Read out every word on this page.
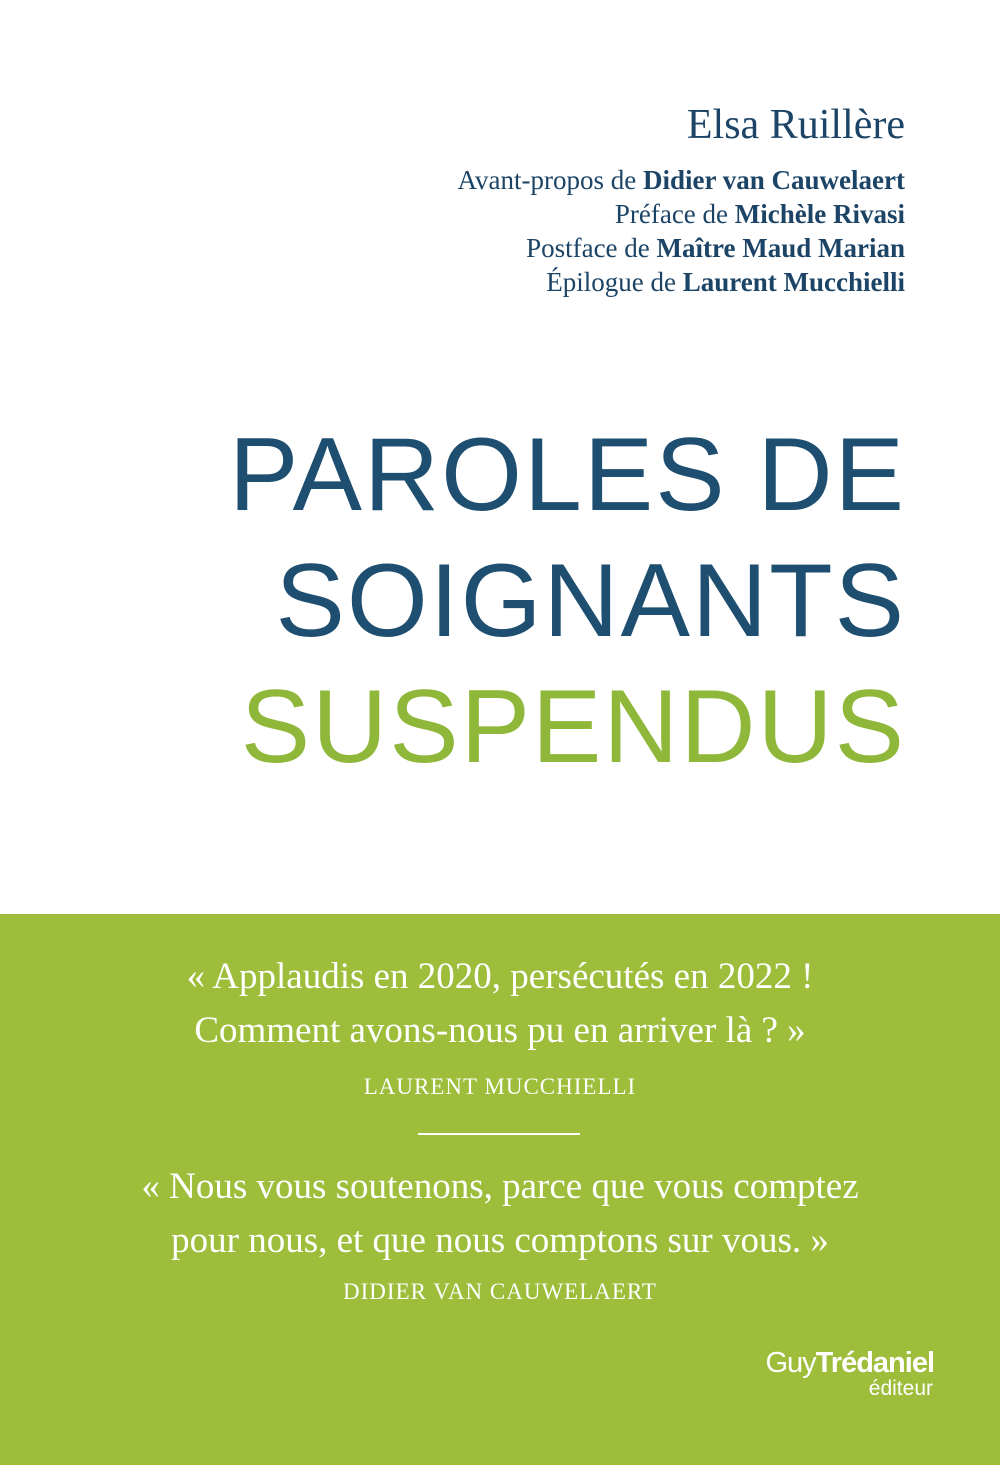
Elsa Ruillère
Avant-propos de Didier van Cauwelaert
Préface de Michèle Rivasi
Postface de Maître Maud Marian
Épilogue de Laurent Mucchielli
PAROLES DE
SOIGNANTS
SUSPENDUS
« Applaudis en 2020, persécutés en 2022 !
Comment avons-nous pu en arriver là ? »
LAURENT MUCCHIELLI
« Nous vous soutenons, parce que vous comptez
pour nous, et que nous comptons sur vous. »
DIDIER VAN CAUWELAERT
GuyTrédaniel
éditeur
